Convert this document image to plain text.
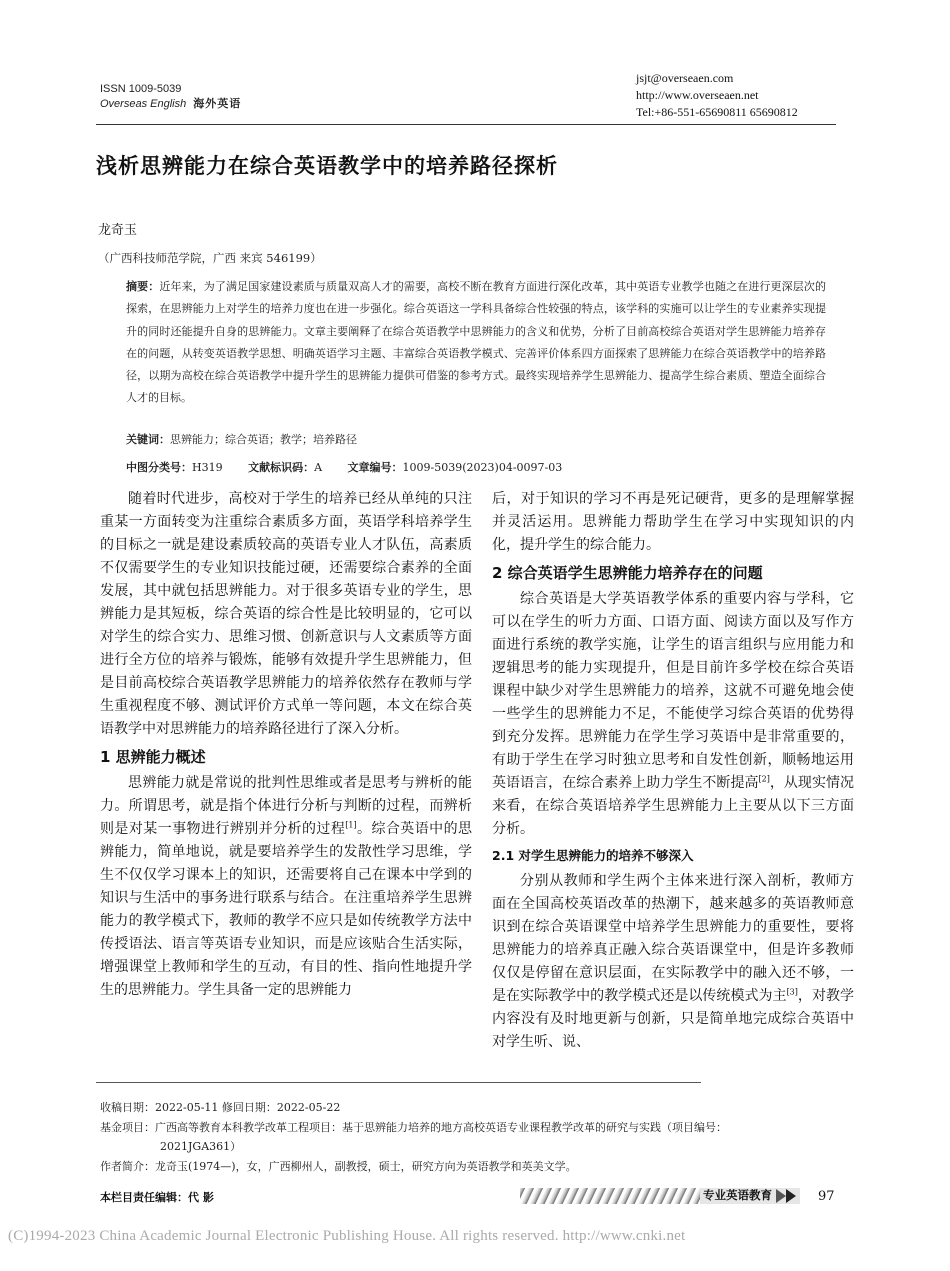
ISSN 1009-5039
Overseas English 海外英语
jsjt@overseaen.com
http://www.overseaen.net
Tel:+86-551-65690811 65690812
浅析思辨能力在综合英语教学中的培养路径探析
龙奇玉
（广西科技师范学院，广西 来宾 546199）
摘要：近年来，为了满足国家建设素质与质量双高人才的需要，高校不断在教育方面进行深化改革，其中英语专业教学也随之在进行更深层次的探索，在思辨能力上对学生的培养力度也在进一步强化。综合英语这一学科具备综合性较强的特点，该学科的实施可以让学生的专业素养实现提升的同时还能提升自身的思辨能力。文章主要阐释了在综合英语教学中思辨能力的含义和优势，分析了目前高校综合英语对学生思辨能力培养存在的问题，从转变英语教学思想、明确英语学习主题、丰富综合英语教学模式、完善评价体系四方面探索了思辨能力在综合英语教学中的培养路径，以期为高校在综合英语教学中提升学生的思辨能力提供可借鉴的参考方式。最终实现培养学生思辨能力、提高学生综合素质、塑造全面综合人才的目标。
关键词：思辨能力；综合英语；教学；培养路径
中图分类号：H319 文献标识码：A 文章编号：1009-5039(2023)04-0097-03

随着时代进步，高校对于学生的培养已经从单纯的只注重某一方面转变为注重综合素质多方面，英语学科培养学生的目标之一就是建设素质较高的英语专业人才队伍，高素质不仅需要学生的专业知识技能过硬，还需要综合素养的全面发展，其中就包括思辨能力。对于很多英语专业的学生，思辨能力是其短板，综合英语的综合性是比较明显的，它可以对学生的综合实力、思维习惯、创新意识与人文素质等方面进行全方位的培养与锻炼，能够有效提升学生思辨能力，但是目前高校综合英语教学思辨能力的培养依然存在教师与学生重视程度不够、测试评价方式单一等问题，本文在综合英语教学中对思辨能力的培养路径进行了深入分析。

1 思辨能力概述

思辨能力就是常说的批判性思维或者是思考与辨析的能力。所谓思考，就是指个体进行分析与判断的过程，而辨析则是对某一事物进行辨别并分析的过程[1]。综合英语中的思辨能力，简单地说，就是要培养学生的发散性学习思维，学生不仅仅学习课本上的知识，还需要将自己在课本中学到的知识与生活中的事务进行联系与结合。在注重培养学生思辨能力的教学模式下，教师的教学不应只是如传统教学方法中传授语法、语言等英语专业知识，而是应该贴合生活实际，增强课堂上教师和学生的互动，有目的性、指向性地提升学生的思辨能力。学生具备一定的思辨能力

后，对于知识的学习不再是死记硬背，更多的是理解掌握并灵活运用。思辨能力帮助学生在学习中实现知识的内化，提升学生的综合能力。

2 综合英语学生思辨能力培养存在的问题

综合英语是大学英语教学体系的重要内容与学科，它可以在学生的听力方面、口语方面、阅读方面以及写作方面进行系统的教学实施，让学生的语言组织与应用能力和逻辑思考的能力实现提升，但是目前许多学校在综合英语课程中缺少对学生思辨能力的培养，这就不可避免地会使一些学生的思辨能力不足，不能使学习综合英语的优势得到充分发挥。思辨能力在学生学习英语中是非常重要的，有助于学生在学习时独立思考和自发性创新，顺畅地运用英语语言，在综合素养上助力学生不断提高[2]，从现实情况来看，在综合英语培养学生思辨能力上主要从以下三方面分析。

2.1 对学生思辨能力的培养不够深入

分别从教师和学生两个主体来进行深入剖析，教师方面在全国高校英语改革的热潮下，越来越多的英语教师意识到在综合英语课堂中培养学生思辨能力的重要性，要将思辨能力的培养真正融入综合英语课堂中，但是许多教师仅仅是停留在意识层面，在实际教学中的融入还不够，一是在实际教学中的教学模式还是以传统模式为主[3]，对教学内容没有及时地更新与创新，只是简单地完成综合英语中对学生听、说、

收稿日期：2022-05-11 修回日期：2022-05-22
基金项目：广西高等教育本科教学改革工程项目：基于思辨能力培养的地方高校英语专业课程教学改革的研究与实践（项目编号：
2021JGA361）
作者简介：龙奇玉(1974—)，女，广西柳州人，副教授，硕士，研究方向为英语教学和英美文学。
本栏目责任编辑：代 影	专业英语教育	97
(C)1994-2023 China Academic Journal Electronic Publishing House. All rights reserved. http://www.cnki.net
